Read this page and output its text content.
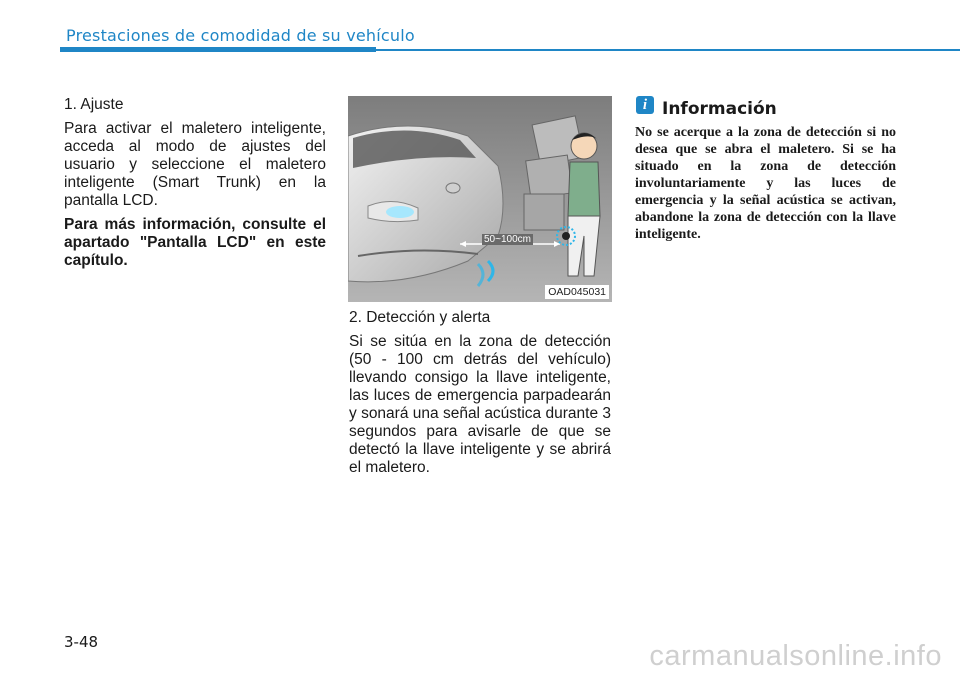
Prestaciones de comodidad de su vehículo

1. Ajuste

Para activar el maletero inteligente, acceda al modo de ajustes del usuario y seleccione el maletero inteligente (Smart Trunk) en la pantalla LCD.

Para más información, consulte el apartado "Pantalla LCD" en este capítulo.

50~100cm
OAD045031

2. Detección y alerta

Si se sitúa en la zona de detección (50 - 100 cm detrás del vehículo) llevando consigo la llave inteligente, las luces de emergencia parpadearán y sonará una señal acústica durante 3 segundos para avisarle de que se detectó la llave inteligente y se abrirá el maletero.

i Información
No se acerque a la zona de detección si no desea que se abra el maletero. Si se ha situado en la zona de detección involuntariamente y las luces de emergencia y la señal acústica se activan, abandone la zona de detección con la llave inteligente.
3-48	carmanualsonline.info
